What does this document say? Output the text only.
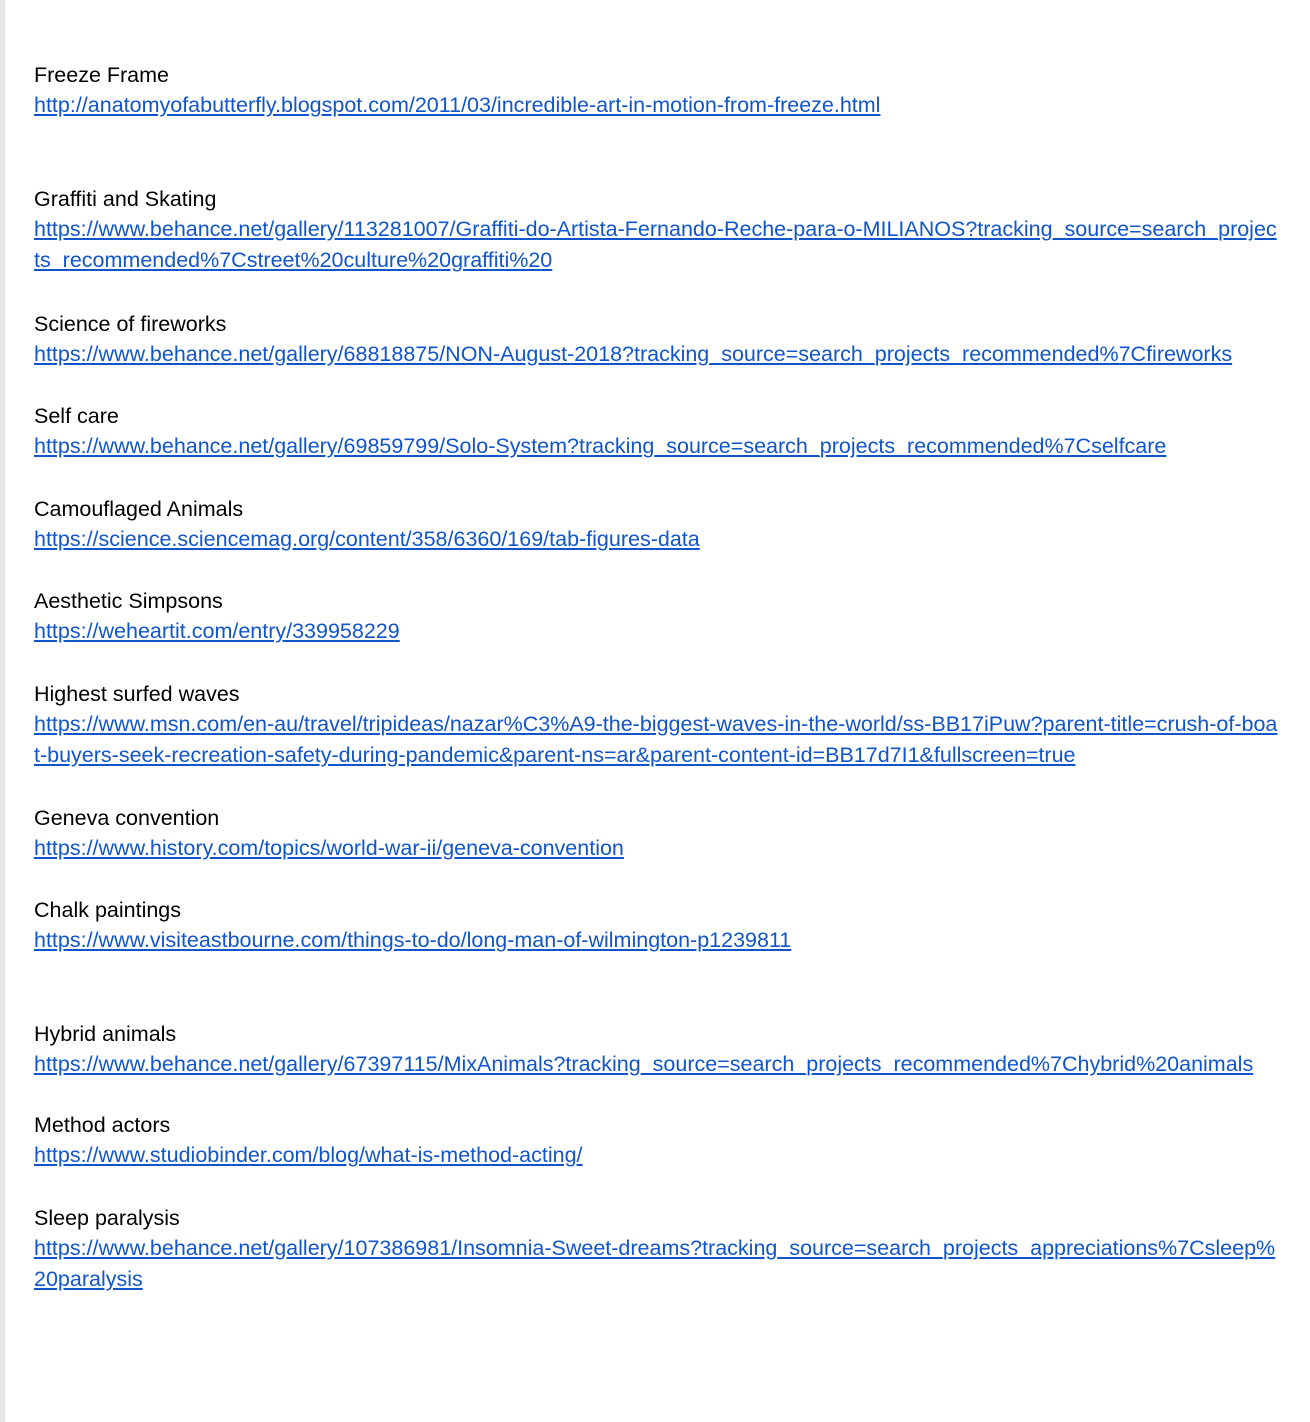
Freeze Frame
http://anatomyofabutterfly.blogspot.com/2011/03/incredible-art-in-motion-from-freeze.html
Graffiti and Skating
https://www.behance.net/gallery/113281007/Graffiti-do-Artista-Fernando-Reche-para-o-MILIANOS?tracking_source=search_projects_recommended%7Cstreet%20culture%20graffiti%20
Science of fireworks
https://www.behance.net/gallery/68818875/NON-August-2018?tracking_source=search_projects_recommended%7Cfireworks
Self care
https://www.behance.net/gallery/69859799/Solo-System?tracking_source=search_projects_recommended%7Cselfcare
Camouflaged Animals
https://science.sciencemag.org/content/358/6360/169/tab-figures-data
Aesthetic Simpsons
https://weheartit.com/entry/339958229
Highest surfed waves
https://www.msn.com/en-au/travel/tripideas/nazar%C3%A9-the-biggest-waves-in-the-world/ss-BB17iPuw?parent-title=crush-of-boat-buyers-seek-recreation-safety-during-pandemic&parent-ns=ar&parent-content-id=BB17d7I1&fullscreen=true
Geneva convention
https://www.history.com/topics/world-war-ii/geneva-convention
Chalk paintings
https://www.visiteastbourne.com/things-to-do/long-man-of-wilmington-p1239811
Hybrid animals
https://www.behance.net/gallery/67397115/MixAnimals?tracking_source=search_projects_recommended%7Chybrid%20animals
Method actors
https://www.studiobinder.com/blog/what-is-method-acting/
Sleep paralysis
https://www.behance.net/gallery/107386981/Insomnia-Sweet-dreams?tracking_source=search_projects_appreciations%7Csleep%20paralysis
